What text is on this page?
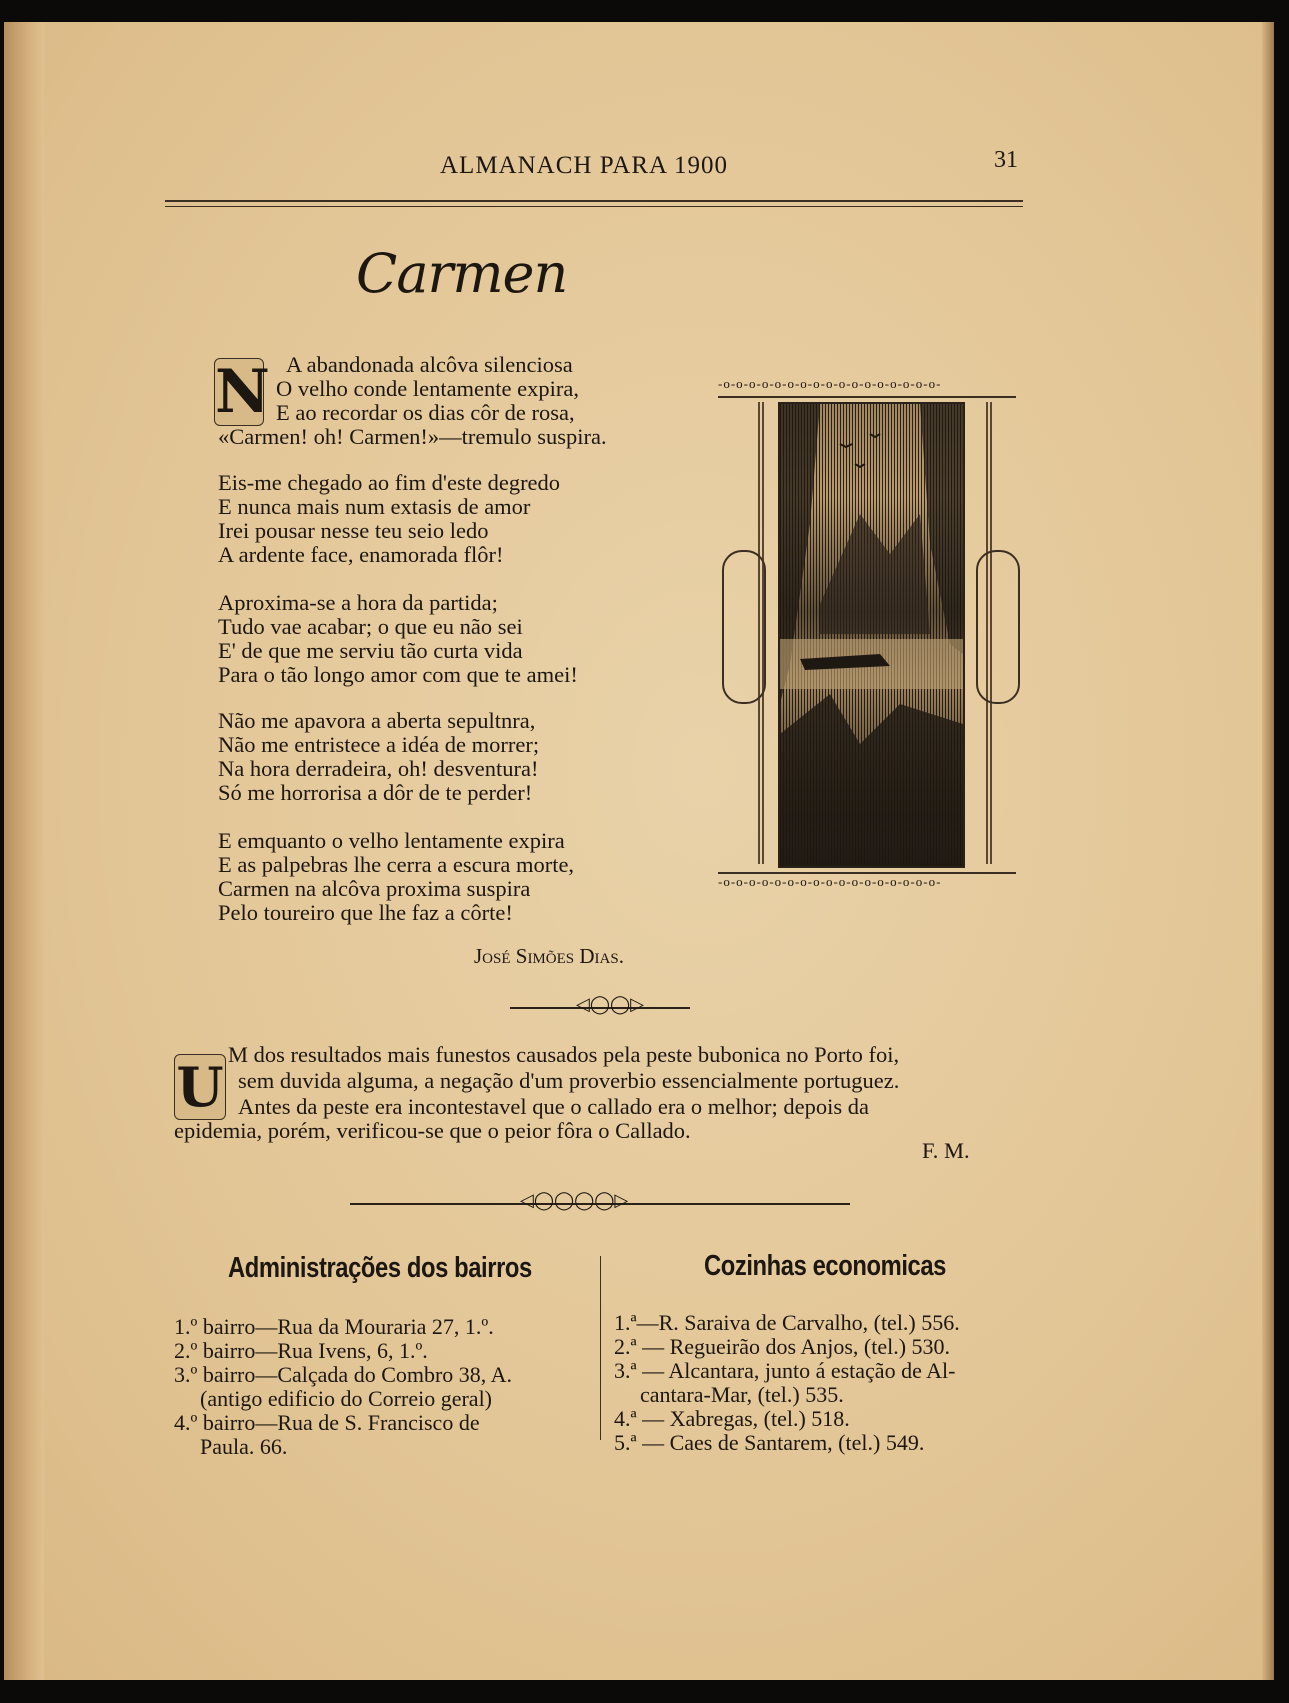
ALMANACH PARA 1900	31
Carmen
N A abandonada alcôva silenciosa
O velho conde lentamente expira,
E ao recordar os dias côr de rosa,
«Carmen! oh! Carmen!»—tremulo suspira.
Eis-me chegado ao fim d'este degredo
E nunca mais num extasis de amor
Irei pousar nesse teu seio ledo
A ardente face, enamorada flôr!
Aproxima-se a hora da partida;
Tudo vae acabar; o que eu não sei
E' de que me serviu tão curta vida
Para o tão longo amor com que te amei!
Não me apavora a aberta sepultnra,
Não me entristece a idéa de morrer;
Na hora derradeira, oh! desventura!
Só me horrorisa a dôr de te perder!
E emquanto o velho lentamente expira
E as palpebras lhe cerra a escura morte,
Carmen na alcôva proxima suspira
Pelo toureiro que lhe faz a côrte!
José Simões Dias.
-o-o-o-o-o-o-o-o-o-o-o-o-o-o-o-o-o-
-o-o-o-o-o-o-o-o-o-o-o-o-o-o-o-o-o-
◁◯◯▷
U
M dos resultados mais funestos causados pela peste bubonica no Porto foi,
sem duvida alguma, a negação d'um proverbio essencialmente portuguez.
Antes da peste era incontestavel que o callado era o melhor; depois da
epidemia, porém, verificou-se que o peior fôra o Callado.
F. M.
◁◯◯◯◯▷
Administrações dos bairros	Cozinhas economicas
1.º bairro—Rua da Mouraria 27, 1.º.
2.º bairro—Rua Ivens, 6, 1.º.
3.º bairro—Calçada do Combro 38, A.
(antigo edificio do Correio geral)
4.º bairro—Rua de S. Francisco de
Paula. 66.
1.ª—R. Saraiva de Carvalho, (tel.) 556.
2.ª — Regueirão dos Anjos, (tel.) 530.
3.ª — Alcantara, junto á estação de Al-
cantara-Mar, (tel.) 535.
4.ª — Xabregas, (tel.) 518.
5.ª — Caes de Santarem, (tel.) 549.
